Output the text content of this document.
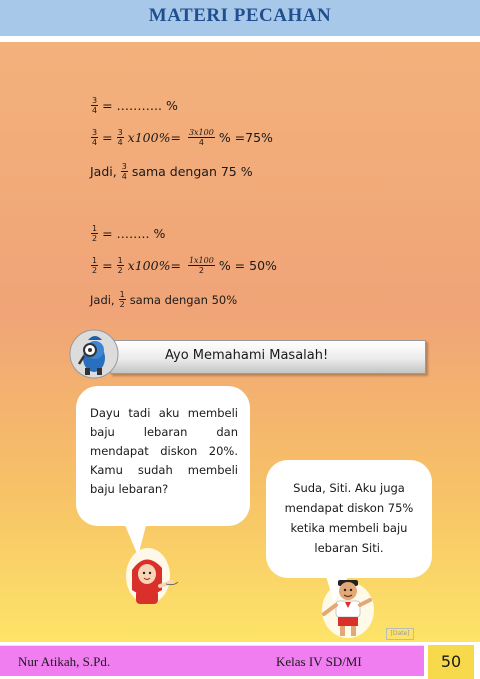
MATERI PECAHAN
$\frac{3}{4}$ = ……….. %
$\frac{3}{4} = \frac{3}{4} x100\%= \frac{3x100}{4}$ % =75%
Jadi, $\frac{3}{4}$ sama dengan 75 %
$\frac{1}{2}$ = …….. %
$\frac{1}{2} = \frac{1}{2} x100\%= \frac{1x100}{2}$ % = 50%
Jadi, $\frac{1}{2}$ sama dengan 50%
Ayo Memahami Masalah!
Dayu tadi aku membeli baju lebaran dan mendapat diskon 20%. Kamu sudah membeli baju lebaran?	Suda, Siti. Aku juga mendapat diskon 75% ketika membeli baju lebaran Siti.
[Date]
Nur Atikah, S.Pd.	Kelas IV SD/MI	50
